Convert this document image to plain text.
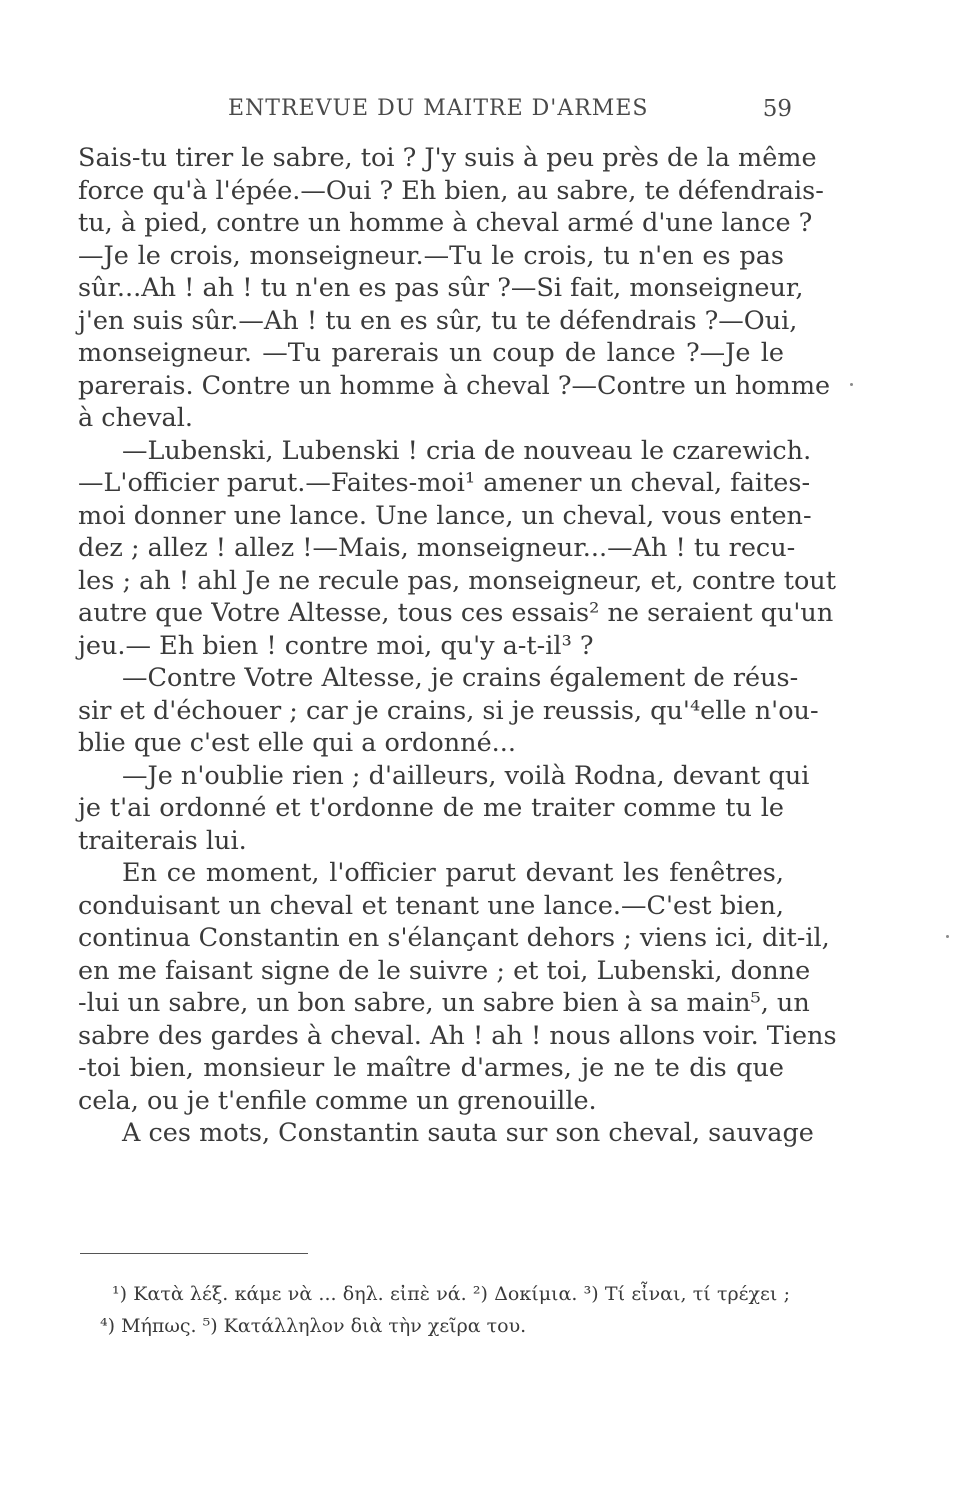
ENTREVUE DU MAITRE D'ARMES	59
Sais-tu tirer le sabre, toi ? J'y suis à peu près de la même
force qu'à l'épée.—Oui ? Eh bien, au sabre, te défendrais-
tu, à pied, contre un homme à cheval armé d'une lance ?
—Je le crois, monseigneur.—Tu le crois, tu n'en es pas
sûr...Ah ! ah ! tu n'en es pas sûr ?—Si fait, monseigneur,
j'en suis sûr.—Ah ! tu en es sûr, tu te défendrais ?—Oui,
monseigneur. —Tu parerais un coup de lance ?—Je le
parerais. Contre un homme à cheval ?—Contre un homme
à cheval.
—Lubenski, Lubenski ! cria de nouveau le czarewich.
—L'officier parut.—Faites-moi¹ amener un cheval, faites-
moi donner une lance. Une lance, un cheval, vous enten-
dez ; allez ! allez !—Mais, monseigneur...—Ah ! tu recu-
les ; ah ! ahl Je ne recule pas, monseigneur, et, contre tout
autre que Votre Altesse, tous ces essais² ne seraient qu'un
jeu.— Eh bien ! contre moi, qu'y a-t-il³ ?
—Contre Votre Altesse, je crains également de réus-
sir et d'échouer ; car je crains, si je reussis, qu'⁴elle n'ou-
blie que c'est elle qui a ordonné...
—Je n'oublie rien ; d'ailleurs, voilà Rodna, devant qui
je t'ai ordonné et t'ordonne de me traiter comme tu le
traiterais lui.
En ce moment, l'officier parut devant les fenêtres,
conduisant un cheval et tenant une lance.—C'est bien,
continua Constantin en s'élançant dehors ; viens ici, dit-il,
en me faisant signe de le suivre ; et toi, Lubenski, donne
-lui un sabre, un bon sabre, un sabre bien à sa main⁵, un
sabre des gardes à cheval. Ah ! ah ! nous allons voir. Tiens
-toi bien, monsieur le maître d'armes, je ne te dis que
cela, ou je t'enfile comme un grenouille.
A ces mots, Constantin sauta sur son cheval, sauvage
¹) Κατὰ λέξ. κάμε νὰ ... δηλ. εἰπὲ νά. ²) Δοκίμια. ³) Τί εἶναι, τί τρέχει ;
⁴) Μήπως. ⁵) Κατάλληλον διὰ τὴν χεῖρα του.
